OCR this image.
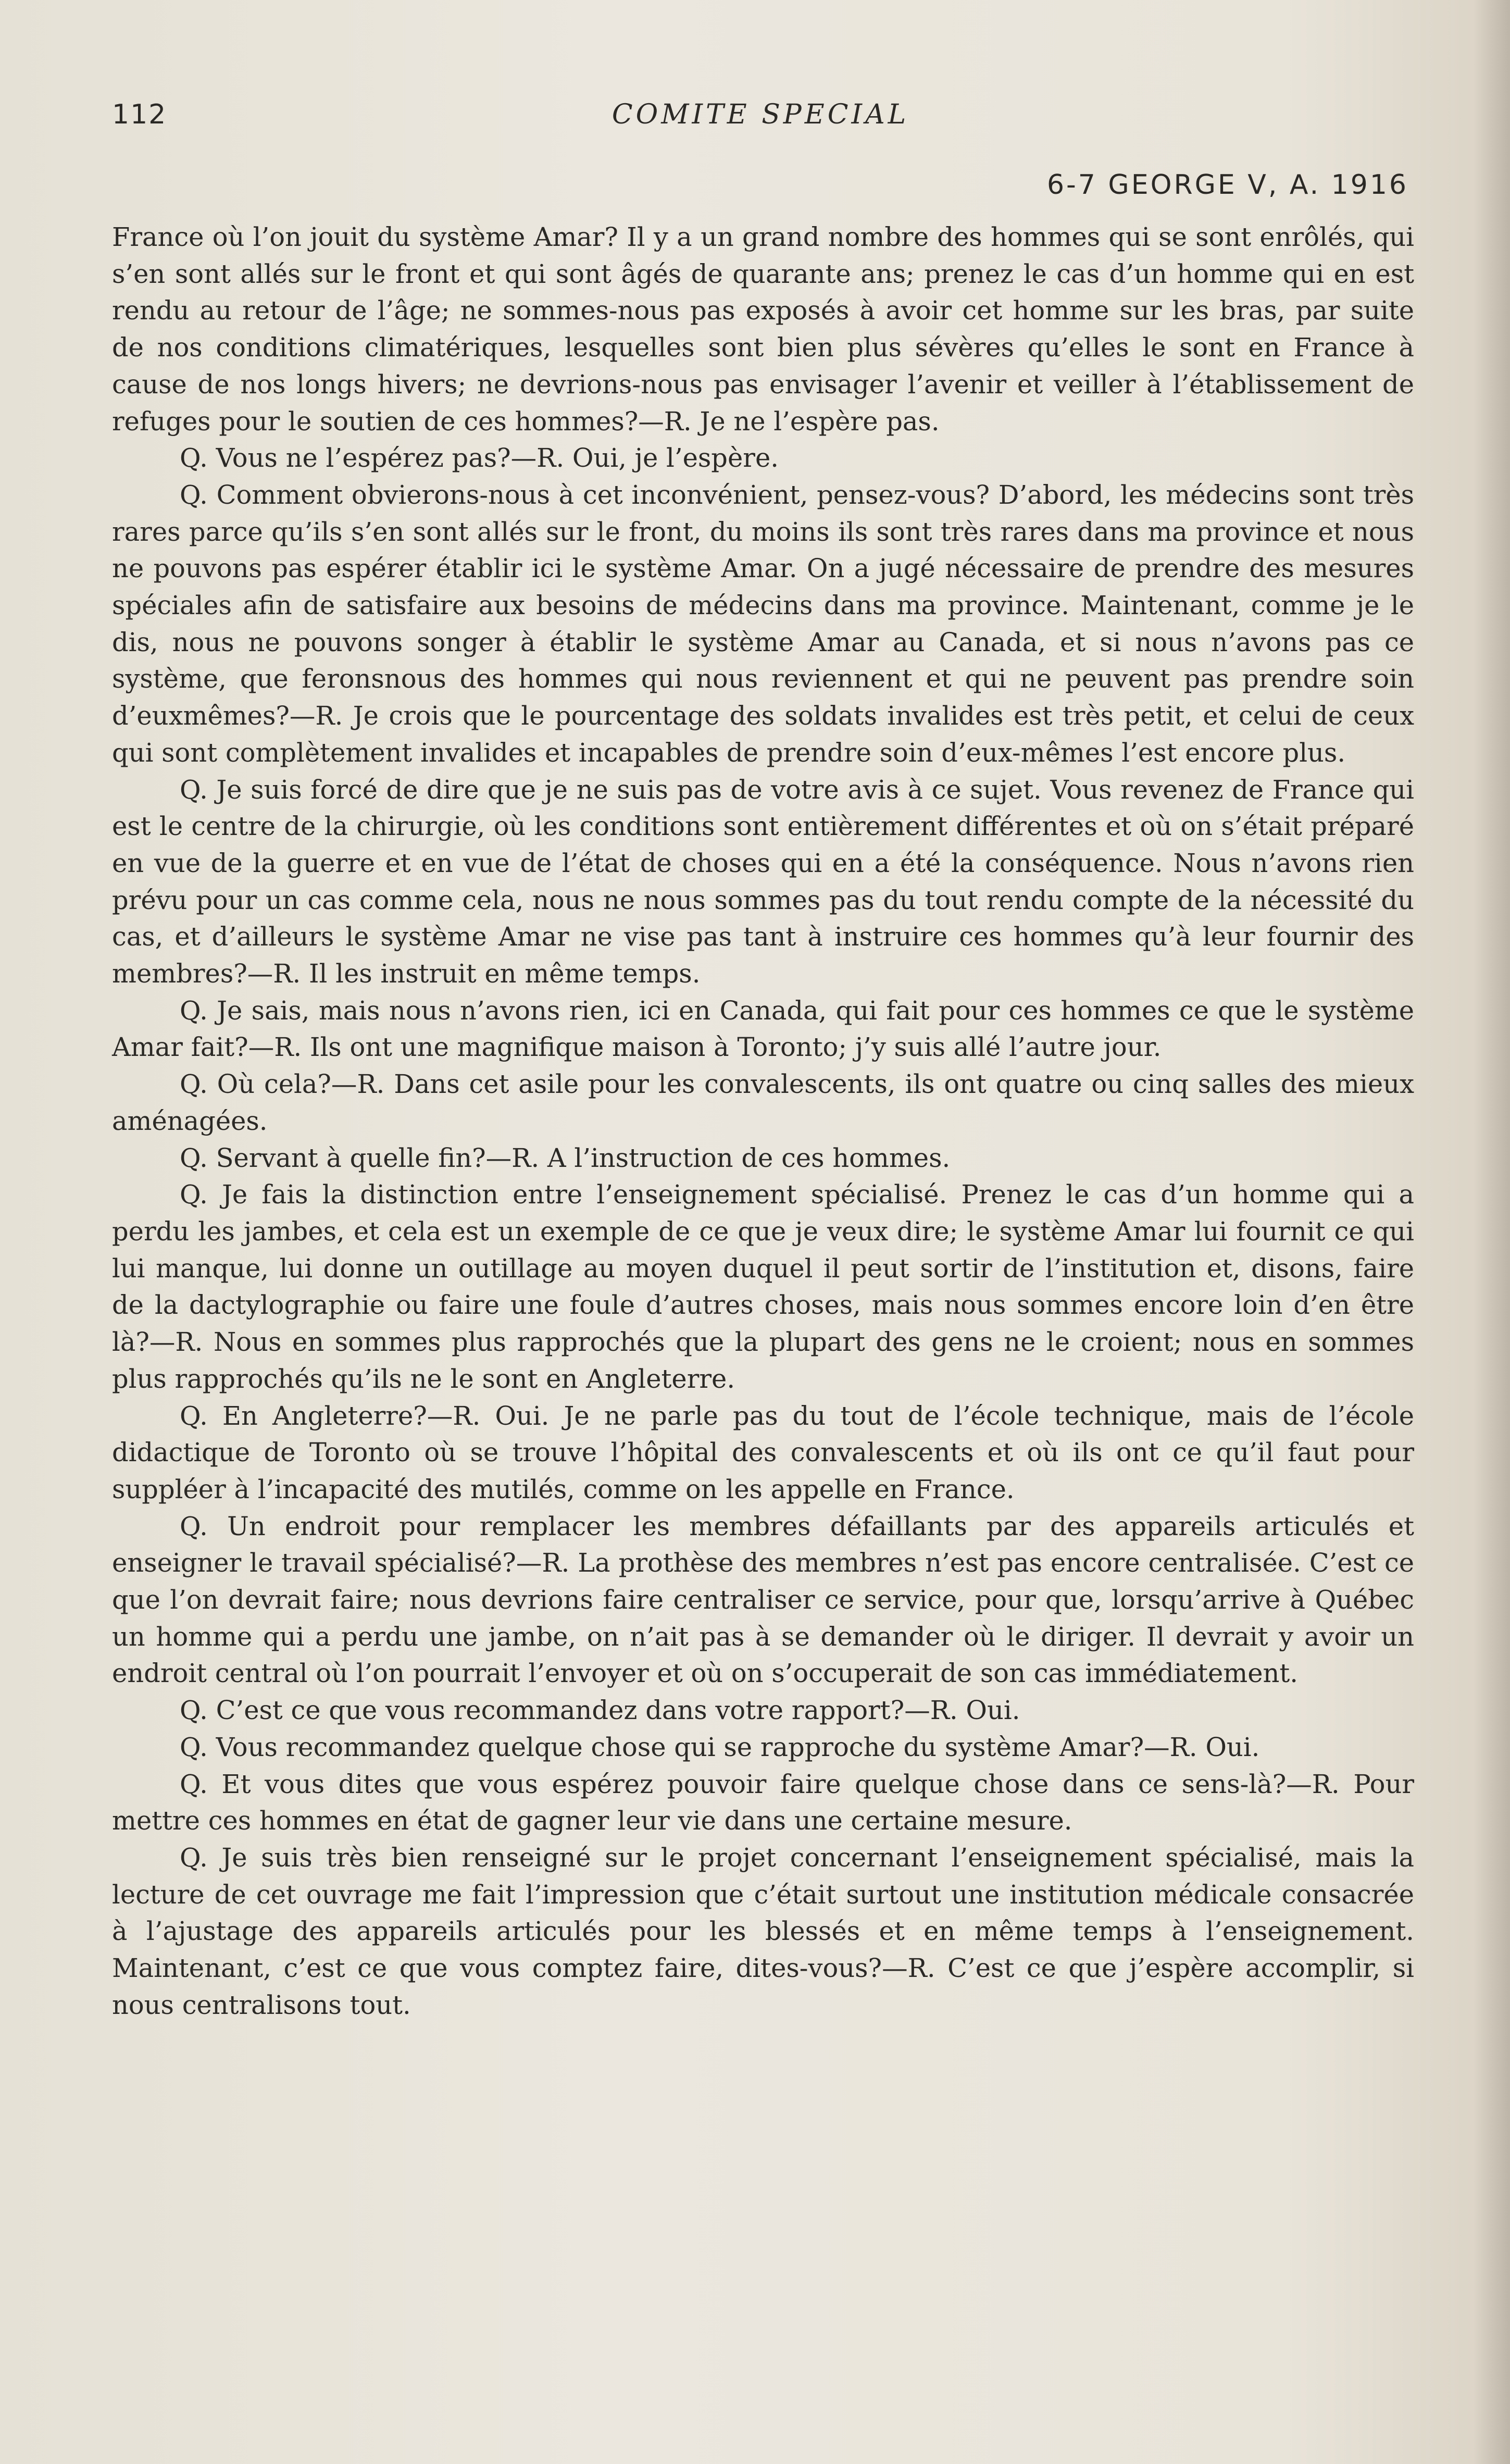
112	COMITE SPECIAL
6-7 GEORGE V, A. 1916

France où l’on jouit du système Amar? Il y a un grand nombre des hommes qui se sont enrôlés, qui s’en sont allés sur le front et qui sont âgés de quarante ans; prenez le cas d’un homme qui en est rendu au retour de l’âge; ne sommes-nous pas exposés à avoir cet homme sur les bras, par suite de nos conditions climatériques, lesquelles sont bien plus sévères qu’elles le sont en France à cause de nos longs hivers; ne devrions-nous pas envisager l’avenir et veiller à l’établissement de refuges pour le soutien de ces hommes?—R. Je ne l’espère pas.

Q. Vous ne l’espérez pas?—R. Oui, je l’espère.

Q. Comment obvierons-nous à cet inconvénient, pensez-vous? D’abord, les médecins sont très rares parce qu’ils s’en sont allés sur le front, du moins ils sont très rares dans ma province et nous ne pouvons pas espérer établir ici le système Amar. On a jugé nécessaire de prendre des mesures spéciales afin de satisfaire aux besoins de médecins dans ma province. Maintenant, comme je le dis, nous ne pouvons songer à établir le système Amar au Canada, et si nous n’avons pas ce système, que feronsnous des hommes qui nous reviennent et qui ne peuvent pas prendre soin d’euxmêmes?—R. Je crois que le pourcentage des soldats invalides est très petit, et celui de ceux qui sont complètement invalides et incapables de prendre soin d’eux-mêmes l’est encore plus.

Q. Je suis forcé de dire que je ne suis pas de votre avis à ce sujet. Vous revenez de France qui est le centre de la chirurgie, où les conditions sont entièrement différentes et où on s’était préparé en vue de la guerre et en vue de l’état de choses qui en a été la conséquence. Nous n’avons rien prévu pour un cas comme cela, nous ne nous sommes pas du tout rendu compte de la nécessité du cas, et d’ailleurs le système Amar ne vise pas tant à instruire ces hommes qu’à leur fournir des membres?—R. Il les instruit en même temps.

Q. Je sais, mais nous n’avons rien, ici en Canada, qui fait pour ces hommes ce que le système Amar fait?—R. Ils ont une magnifique maison à Toronto; j’y suis allé l’autre jour.

Q. Où cela?—R. Dans cet asile pour les convalescents, ils ont quatre ou cinq salles des mieux aménagées.

Q. Servant à quelle fin?—R. A l’instruction de ces hommes.

Q. Je fais la distinction entre l’enseignement spécialisé. Prenez le cas d’un homme qui a perdu les jambes, et cela est un exemple de ce que je veux dire; le système Amar lui fournit ce qui lui manque, lui donne un outillage au moyen duquel il peut sortir de l’institution et, disons, faire de la dactylographie ou faire une foule d’autres choses, mais nous sommes encore loin d’en être là?—R. Nous en sommes plus rapprochés que la plupart des gens ne le croient; nous en sommes plus rapprochés qu’ils ne le sont en Angleterre.

Q. En Angleterre?—R. Oui. Je ne parle pas du tout de l’école technique, mais de l’école didactique de Toronto où se trouve l’hôpital des convalescents et où ils ont ce qu’il faut pour suppléer à l’incapacité des mutilés, comme on les appelle en France.

Q. Un endroit pour remplacer les membres défaillants par des appareils articulés et enseigner le travail spécialisé?—R. La prothèse des membres n’est pas encore centralisée. C’est ce que l’on devrait faire; nous devrions faire centraliser ce service, pour que, lorsqu’arrive à Québec un homme qui a perdu une jambe, on n’ait pas à se demander où le diriger. Il devrait y avoir un endroit central où l’on pourrait l’envoyer et où on s’occuperait de son cas immédiatement.

Q. C’est ce que vous recommandez dans votre rapport?—R. Oui.

Q. Vous recommandez quelque chose qui se rapproche du système Amar?—R. Oui.

Q. Et vous dites que vous espérez pouvoir faire quelque chose dans ce sens-là?—R. Pour mettre ces hommes en état de gagner leur vie dans une certaine mesure.

Q. Je suis très bien renseigné sur le projet concernant l’enseignement spécialisé, mais la lecture de cet ouvrage me fait l’impression que c’était surtout une institution médicale consacrée à l’ajustage des appareils articulés pour les blessés et en même temps à l’enseignement. Maintenant, c’est ce que vous comptez faire, dites-vous?—R. C’est ce que j’espère accomplir, si nous centralisons tout.
